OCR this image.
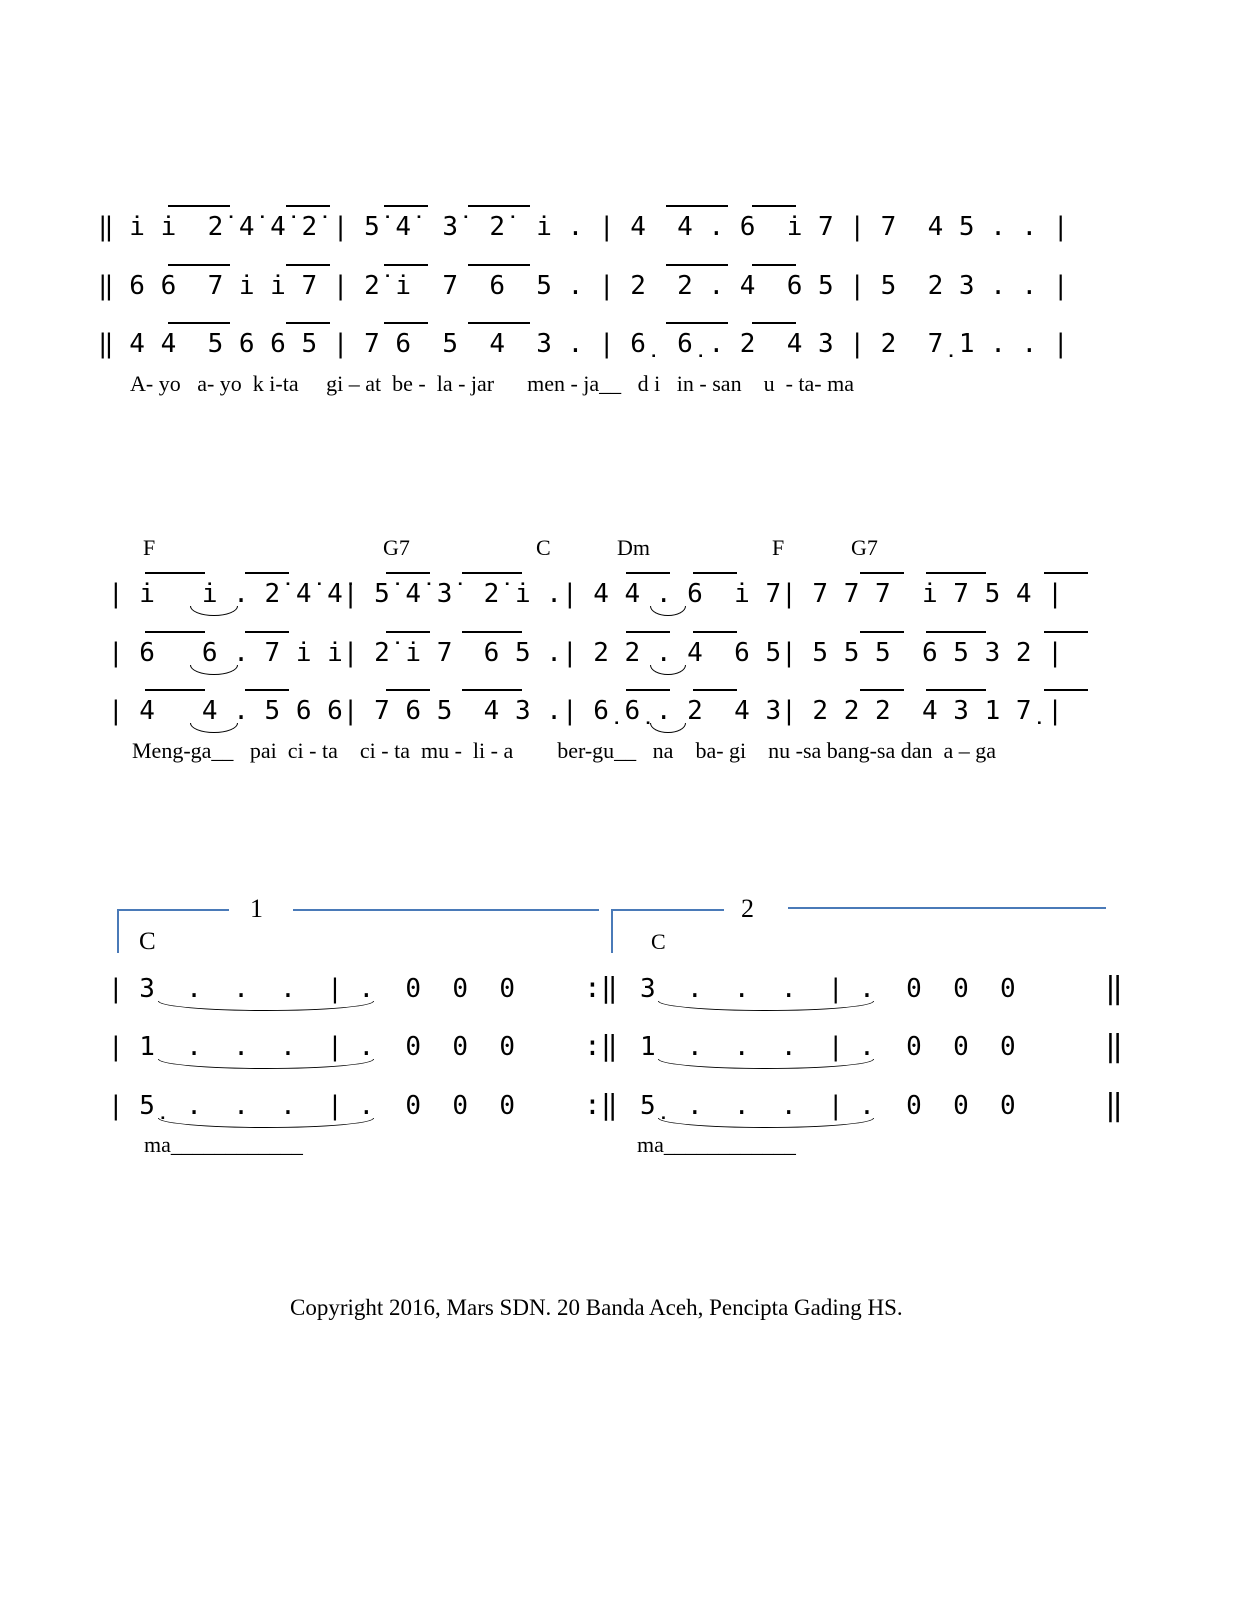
‖ i̇ i̇  2̇ 4̇ 4̇ 2̇ | 5̇ 4̇  3̇  2̇  i̇ . | 4  4 . 6  i̇ 7 | 7  4 5 . . |
‖ 6 6  7 i̇ i̇ 7 | 2̇ i̇  7  6  5 . | 2  2 . 4  6 5 | 5  2 3 . . |
‖ 4 4  5 6 6 5 | 7 6  5  4  3 . | 6̣  6̣ . 2  4 3 | 2  7̣ 1 . . |
A- yo   a- yo  k i-ta     gi – at  be -  la - jar      men - ja__   d i   in - san    u  - ta- ma
F	G7	C	Dm	F	G7
| i̇   i̇ . 2̇ 4̇ 4̇| 5̇ 4̇ 3̇  2̇ i̇ .| 4 4 . 6  i̇ 7| 7 7 7  i̇ 7 5 4 |
| 6   6 . 7 i̇ i̇| 2̇ i̇ 7  6 5 .| 2 2 . 4  6 5| 5 5 5  6 5 3 2 |
| 4   4 . 5 6 6| 7 6 5  4 3 .| 6̣ 6̣ . 2  4 3| 2 2 2  4 3 1 7̣ |
Meng-ga__   pai  ci - ta    ci - ta  mu -  li - a        ber-gu__   na    ba- gi    nu -sa bang-sa dan  a – ga
1
C
2
C
| 3  .  .  .  | .  0  0  0
| 1  .  .  .  | .  0  0  0
| 5̣  .  .  .  | .  0  0  0
ma____________
:‖
:‖
:‖
3  .  .  .  | .  0  0  0
1  .  .  .  | .  0  0  0
5̣  .  .  .  | .  0  0  0
ma____________
‖
‖
‖
Copyright 2016, Mars SDN. 20 Banda Aceh, Pencipta Gading HS.
